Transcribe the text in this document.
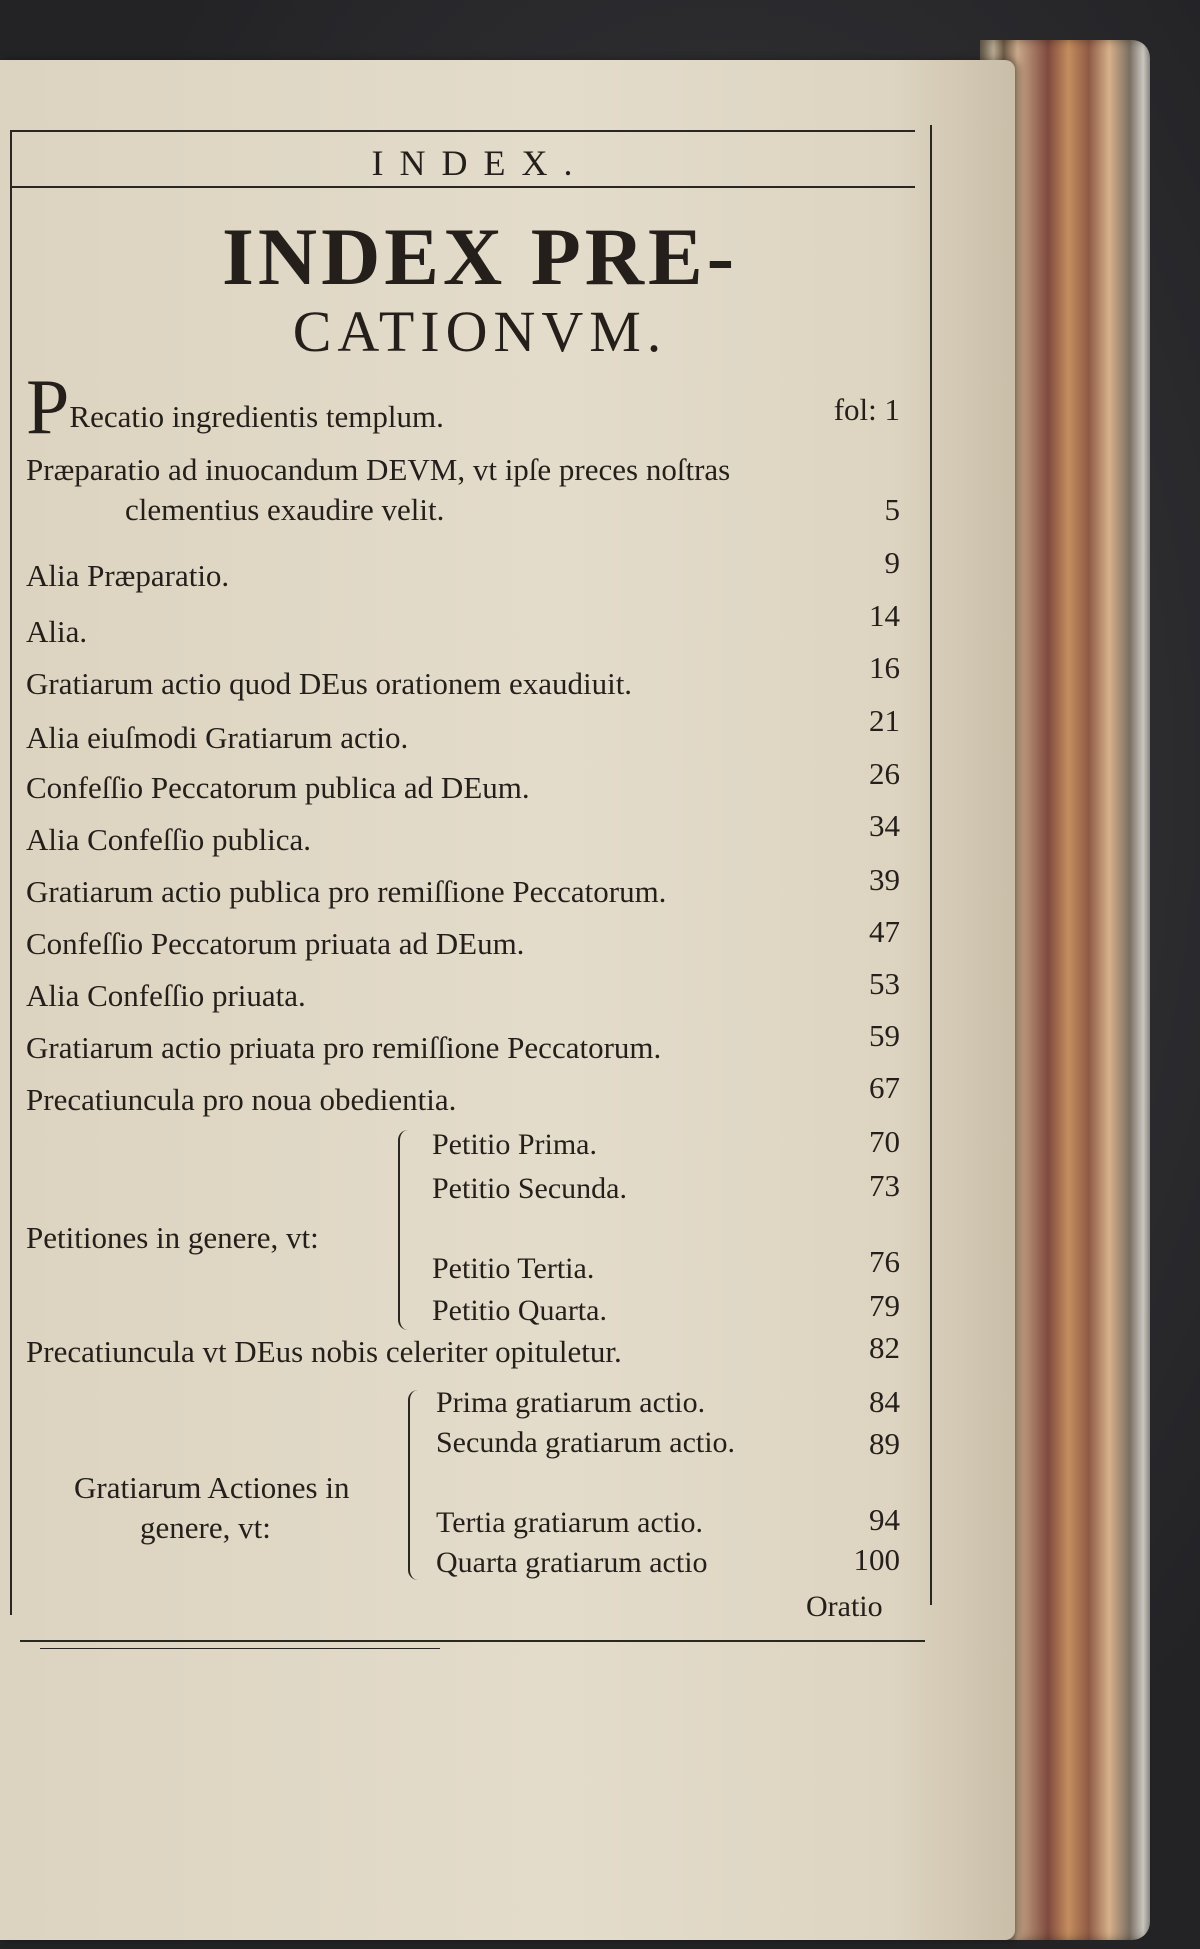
INDEX.
INDEX PRE-
CATIONVM.
PRecatio ingredientis templum.	fol: 1
Præparatio ad inuocandum DEVM, vt ipſe preces noſtras
clementius exaudire velit.	5
Alia Præparatio.	9
Alia.	14
Gratiarum actio quod DEus orationem exaudiuit.	16
Alia eiuſmodi Gratiarum actio.	21
Confeſſio Peccatorum publica ad DEum.	26
Alia Confeſſio publica.	34
Gratiarum actio publica pro remiſſione Peccatorum.	39
Confeſſio Peccatorum priuata ad DEum.	47
Alia Confeſſio priuata.	53
Gratiarum actio priuata pro remiſſione Peccatorum.	59
Precatiuncula pro noua obedientia.	67
Petitiones in genere, vt:
Petitio Prima.	70
Petitio Secunda.	73
Petitio Tertia.	76
Petitio Quarta.	79
Precatiuncula vt DEus nobis celeriter opituletur.	82
Gratiarum Actiones in
genere, vt:
Prima gratiarum actio.	84
Secunda gratiarum actio.	89
Tertia gratiarum actio.	94
Quarta gratiarum actio	100
Oratio
